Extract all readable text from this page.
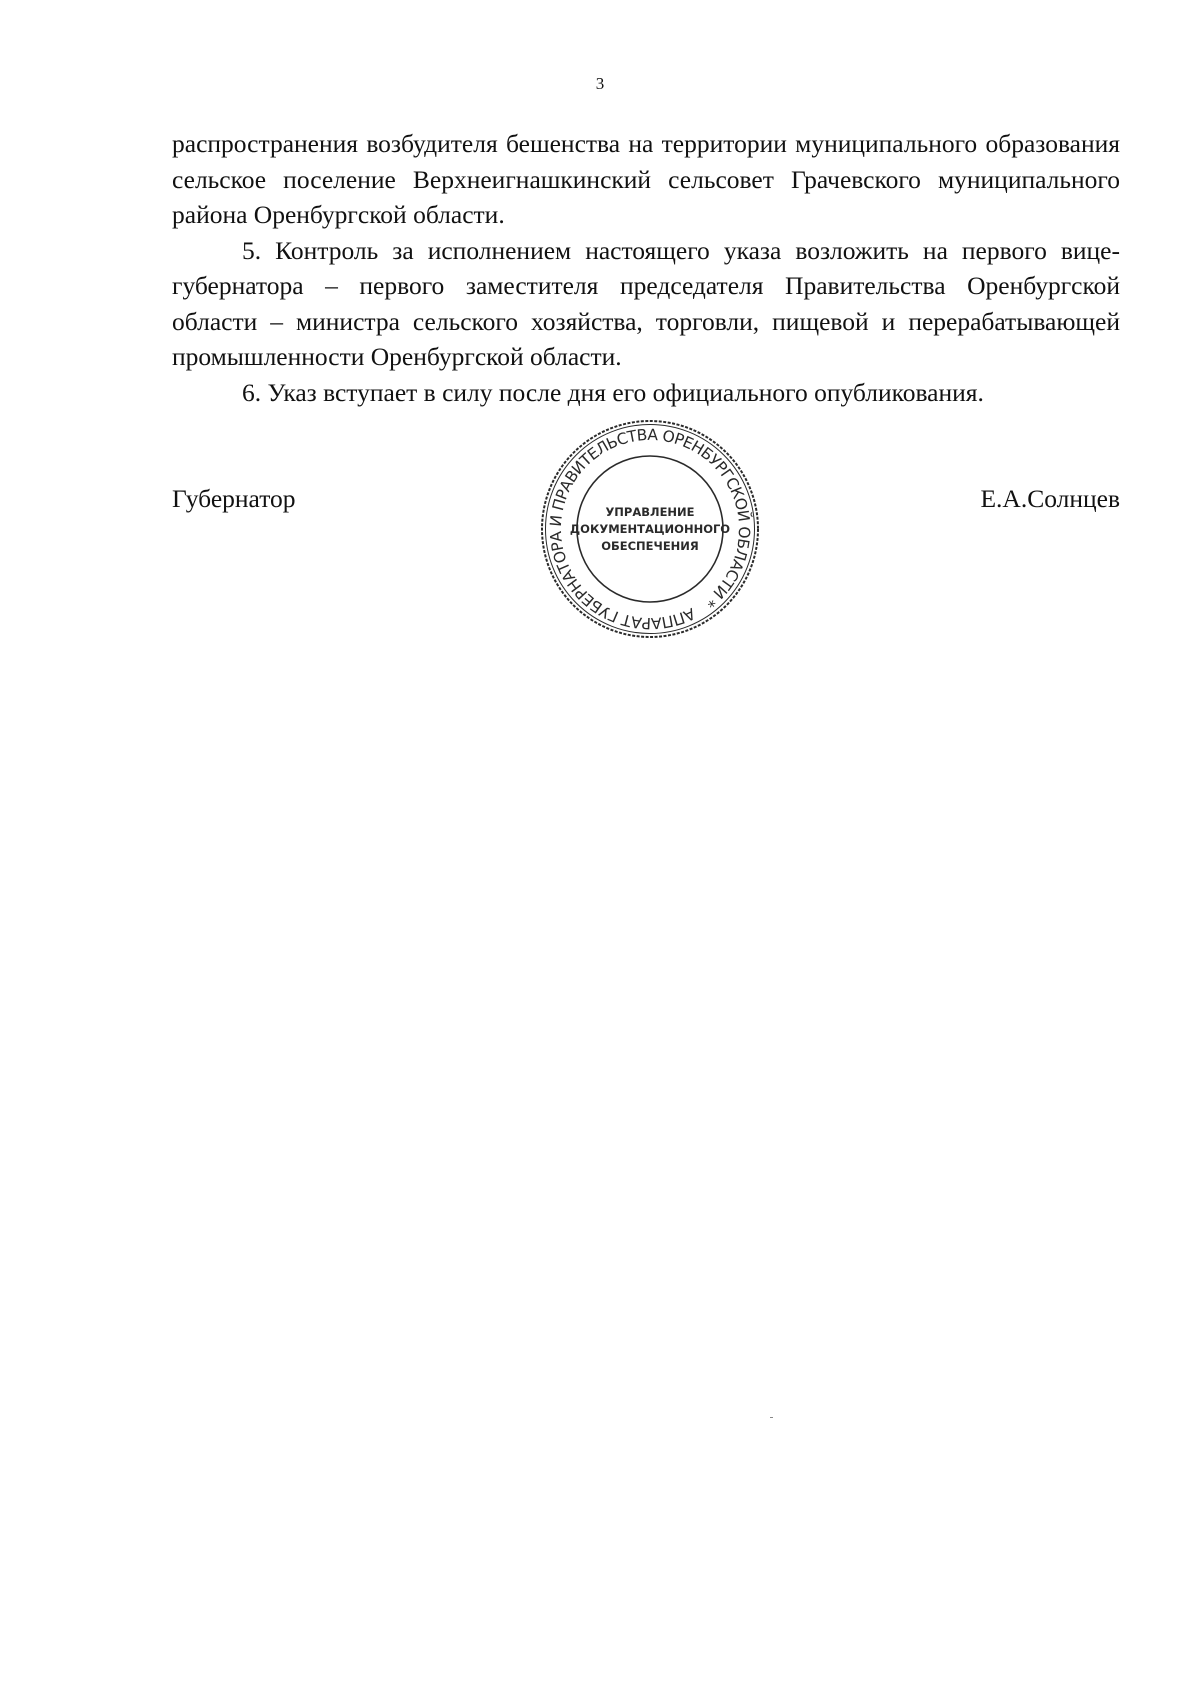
3

распространения возбудителя бешенства на территории муниципального образования сельское поселение Верхнеигнашкинский сельсовет Грачевского муниципального района Оренбургской области.

5. Контроль за исполнением настоящего указа возложить на первого вице-губернатора – первого заместителя председателя Правительства Оренбургской области – министра сельского хозяйства, торговли, пищевой и перерабатывающей промышленности Оренбургской области.

6. Указ вступает в силу после дня его официального опубликования.

Губернатор	Е.А.Солнцев
АППАРАТ ГУБЕРНАТОРА И ПРАВИТЕЛЬСТВА ОРЕНБУРГСКОЙ ОБЛАСТИ *
УПРАВЛЕНИЕ
ДОКУМЕНТАЦИОННОГО
ОБЕСПЕЧЕНИЯ
